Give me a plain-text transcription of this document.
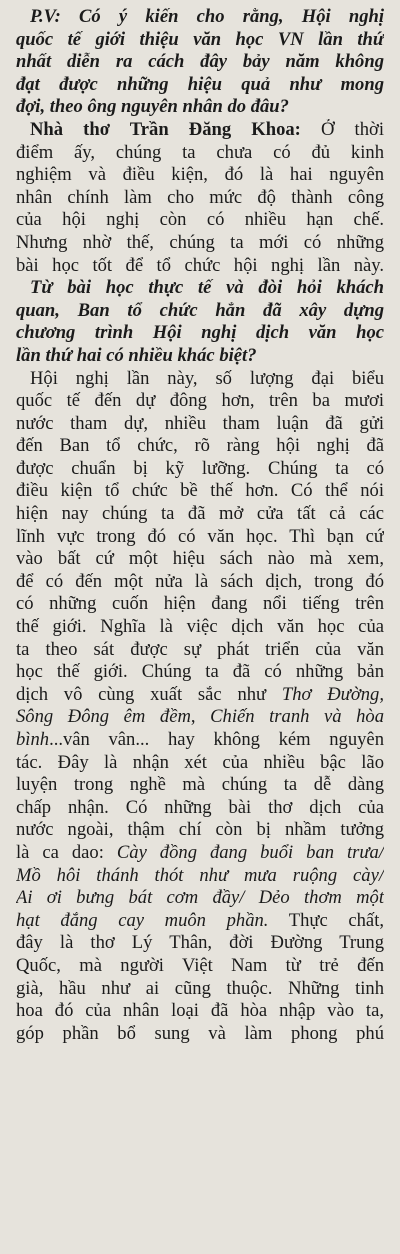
P.V: Có ý kiến cho rằng, Hội nghị
quốc tế giới thiệu văn học VN lần thứ
nhất diễn ra cách đây bảy năm không
đạt được những hiệu quả như mong
đợi, theo ông nguyên nhân do đâu?
Nhà thơ Trần Đăng Khoa: Ở thời
điểm ấy, chúng ta chưa có đủ kinh
nghiệm và điều kiện, đó là hai nguyên
nhân chính làm cho mức độ thành công
của hội nghị còn có nhiều hạn chế.
Nhưng nhờ thế, chúng ta mới có những
bài học tốt để tổ chức hội nghị lần này.
Từ bài học thực tế và đòi hỏi khách
quan, Ban tổ chức hẳn đã xây dựng
chương trình Hội nghị dịch văn học
lần thứ hai có nhiều khác biệt?
Hội nghị lần này, số lượng đại biểu
quốc tế đến dự đông hơn, trên ba mươi
nước tham dự, nhiều tham luận đã gửi
đến Ban tổ chức, rõ ràng hội nghị đã
được chuẩn bị kỹ lưỡng. Chúng ta có
điều kiện tổ chức bề thế hơn. Có thể nói
hiện nay chúng ta đã mở cửa tất cả các
lĩnh vực trong đó có văn học. Thì bạn cứ
vào bất cứ một hiệu sách nào mà xem,
để có đến một nửa là sách dịch, trong đó
có những cuốn hiện đang nổi tiếng trên
thế giới. Nghĩa là việc dịch văn học của
ta theo sát được sự phát triển của văn
học thế giới. Chúng ta đã có những bản
dịch vô cùng xuất sắc như Thơ Đường,
Sông Đông êm đềm, Chiến tranh và hòa
bình...vân vân... hay không kém nguyên
tác. Đây là nhận xét của nhiều bậc lão
luyện trong nghề mà chúng ta dễ dàng
chấp nhận. Có những bài thơ dịch của
nước ngoài, thậm chí còn bị nhầm tưởng
là ca dao: Cày đồng đang buổi ban trưa/
Mồ hôi thánh thót như mưa ruộng cày/
Ai ơi bưng bát cơm đầy/ Dẻo thơm một
hạt đắng cay muôn phần. Thực chất,
đây là thơ Lý Thân, đời Đường Trung
Quốc, mà người Việt Nam từ trẻ đến
già, hầu như ai cũng thuộc. Những tinh
hoa đó của nhân loại đã hòa nhập vào ta,
góp phần bổ sung và làm phong phú
